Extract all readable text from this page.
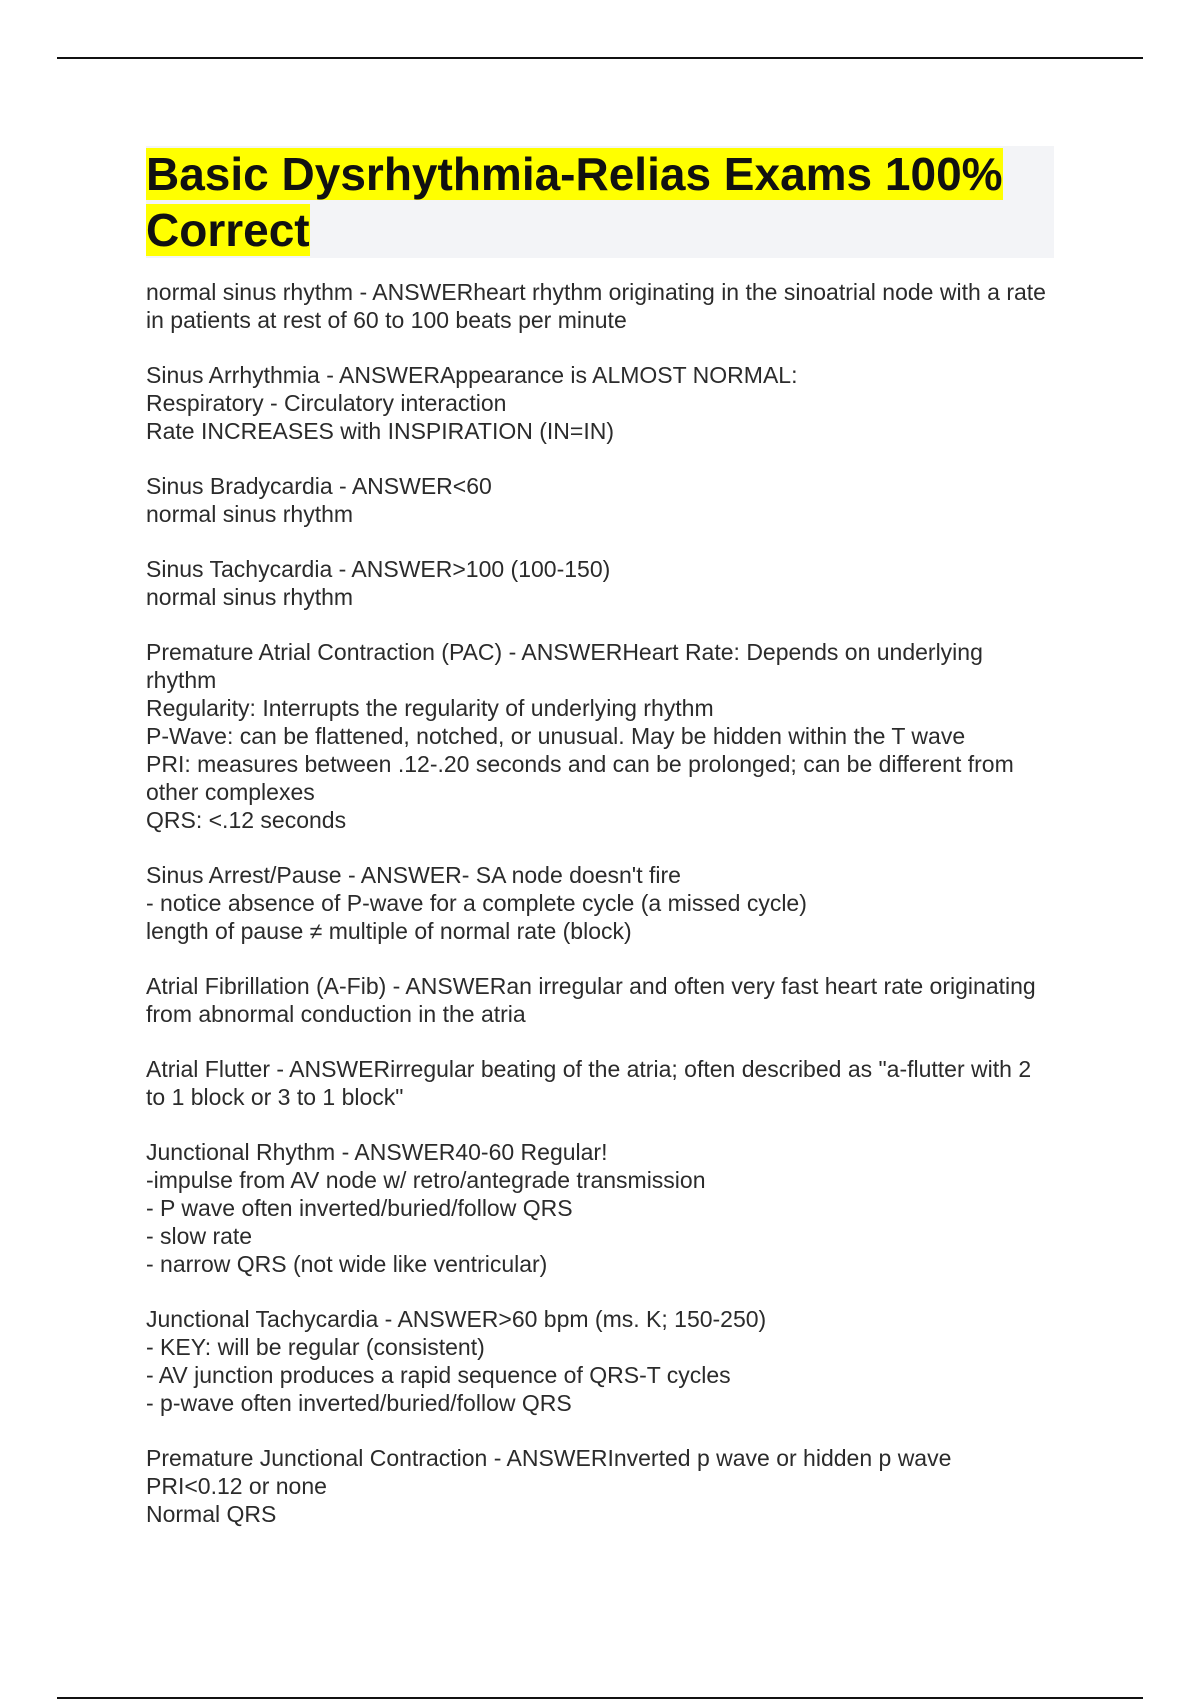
Basic Dysrhythmia-Relias Exams 100% Correct
normal sinus rhythm - ANSWERheart rhythm originating in the sinoatrial node with a rate in patients at rest of 60 to 100 beats per minute
Sinus Arrhythmia - ANSWERAppearance is ALMOST NORMAL:
Respiratory - Circulatory interaction
Rate INCREASES with INSPIRATION (IN=IN)
Sinus Bradycardia - ANSWER<60
normal sinus rhythm
Sinus Tachycardia - ANSWER>100 (100-150)
normal sinus rhythm
Premature Atrial Contraction (PAC) - ANSWERHeart Rate: Depends on underlying rhythm
Regularity: Interrupts the regularity of underlying rhythm
P-Wave: can be flattened, notched, or unusual. May be hidden within the T wave
PRI: measures between .12-.20 seconds and can be prolonged; can be different from other complexes
QRS: <.12 seconds
Sinus Arrest/Pause - ANSWER- SA node doesn't fire
- notice absence of P-wave for a complete cycle (a missed cycle)
length of pause ≠ multiple of normal rate (block)
Atrial Fibrillation (A-Fib) - ANSWERan irregular and often very fast heart rate originating from abnormal conduction in the atria
Atrial Flutter - ANSWERirregular beating of the atria; often described as "a-flutter with 2 to 1 block or 3 to 1 block"
Junctional Rhythm - ANSWER40-60 Regular!
-impulse from AV node w/ retro/antegrade transmission
- P wave often inverted/buried/follow QRS
- slow rate
- narrow QRS (not wide like ventricular)
Junctional Tachycardia - ANSWER>60 bpm (ms. K; 150-250)
- KEY: will be regular (consistent)
- AV junction produces a rapid sequence of QRS-T cycles
- p-wave often inverted/buried/follow QRS
Premature Junctional Contraction - ANSWERInverted p wave or hidden p wave
PRI<0.12 or none
Normal QRS
